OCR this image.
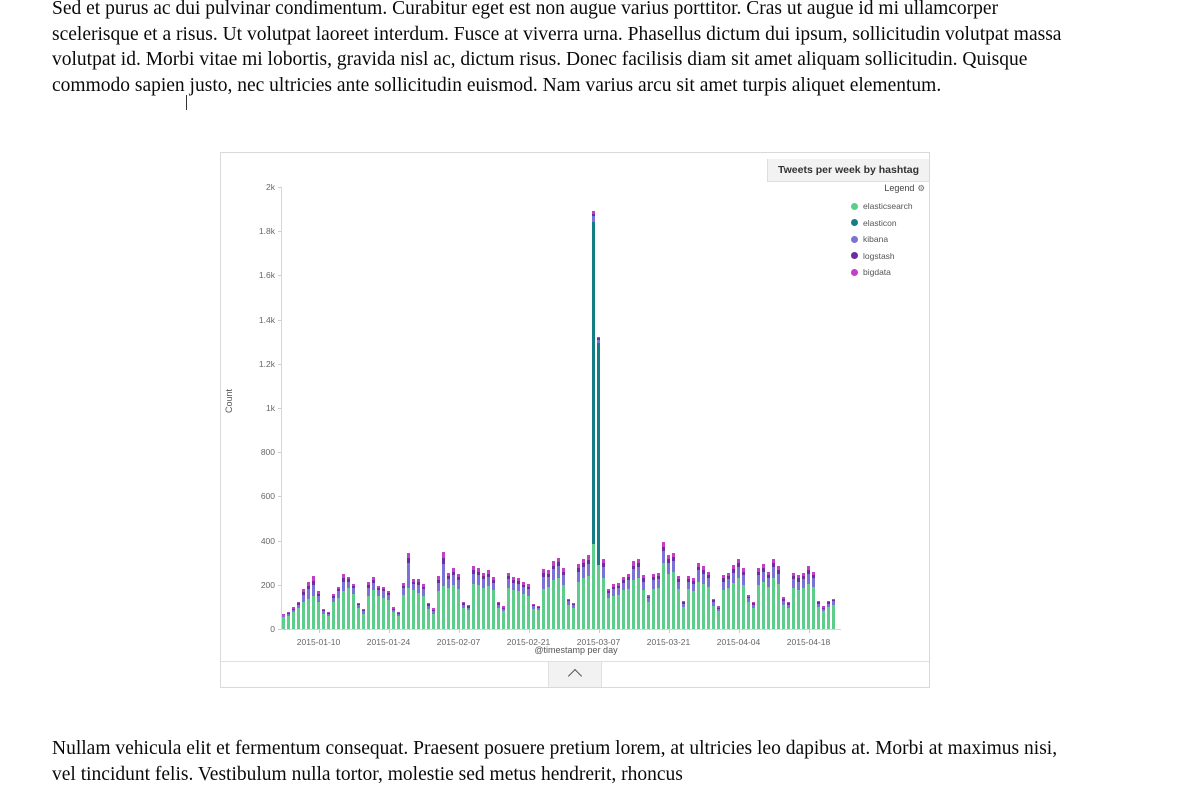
Sed et purus ac dui pulvinar condimentum. Curabitur eget est non augue varius porttitor. Cras ut augue id mi ullamcorper scelerisque et a risus. Ut volutpat laoreet interdum. Fusce at viverra urna. Phasellus dictum dui ipsum, sollicitudin volutpat massa volutpat id. Morbi vitae mi lobortis, gravida nisl ac, dictum risus. Donec facilisis diam sit amet aliquam sollicitudin. Quisque commodo sapien justo, nec ultricies ante sollicitudin euismod. Nam varius arcu sit amet turpis aliquet elementum.

Tweets per week by hashtag
Count
@timestamp per day
0
200
400
600
800
1k
1.2k
1.4k
1.6k
1.8k
2k
2015-01-10	2015-01-24	2015-02-07	2015-02-21	2015-03-07	2015-03-21	2015-04-04	2015-04-18
Legend ⚙
elasticsearch
elasticon
kibana
logstash
bigdata

Nullam vehicula elit et fermentum consequat. Praesent posuere pretium lorem, at ultricies leo dapibus at. Morbi at maximus nisi, vel tincidunt felis. Vestibulum nulla tortor, molestie sed metus hendrerit, rhoncus
